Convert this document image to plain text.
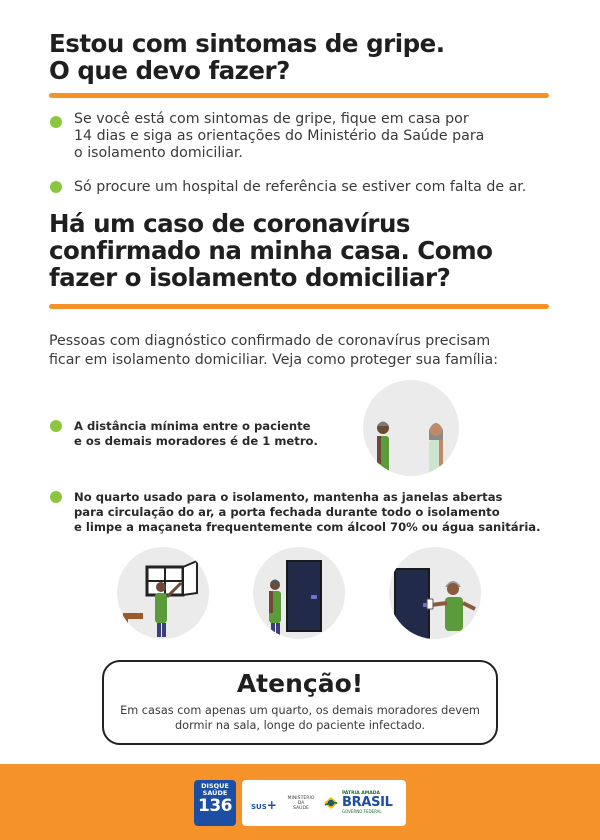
Estou com sintomas de gripe.
O que devo fazer?
Se você está com sintomas de gripe, fique em casa por
14 dias e siga as orientações do Ministério da Saúde para
o isolamento domiciliar.
Só procure um hospital de referência se estiver com falta de ar.
Há um caso de coronavírus
confirmado na minha casa. Como
fazer o isolamento domiciliar?
Pessoas com diagnóstico confirmado de coronavírus precisam
ficar em isolamento domiciliar. Veja como proteger sua família:
A distância mínima entre o paciente
e os demais moradores é de 1 metro.
No quarto usado para o isolamento, mantenha as janelas abertas
para circulação do ar, a porta fechada durante todo o isolamento
e limpe a maçaneta frequentemente com álcool 70% ou água sanitária.
Atenção!
Em casas com apenas um quarto, os demais moradores devem
dormir na sala, longe do paciente infectado.
DISQUE
SAÚDE
136	SUS+	MINISTÉRIO DA
SAÚDE
PÁTRIA AMADA
BRASIL
GOVERNO FEDERAL
